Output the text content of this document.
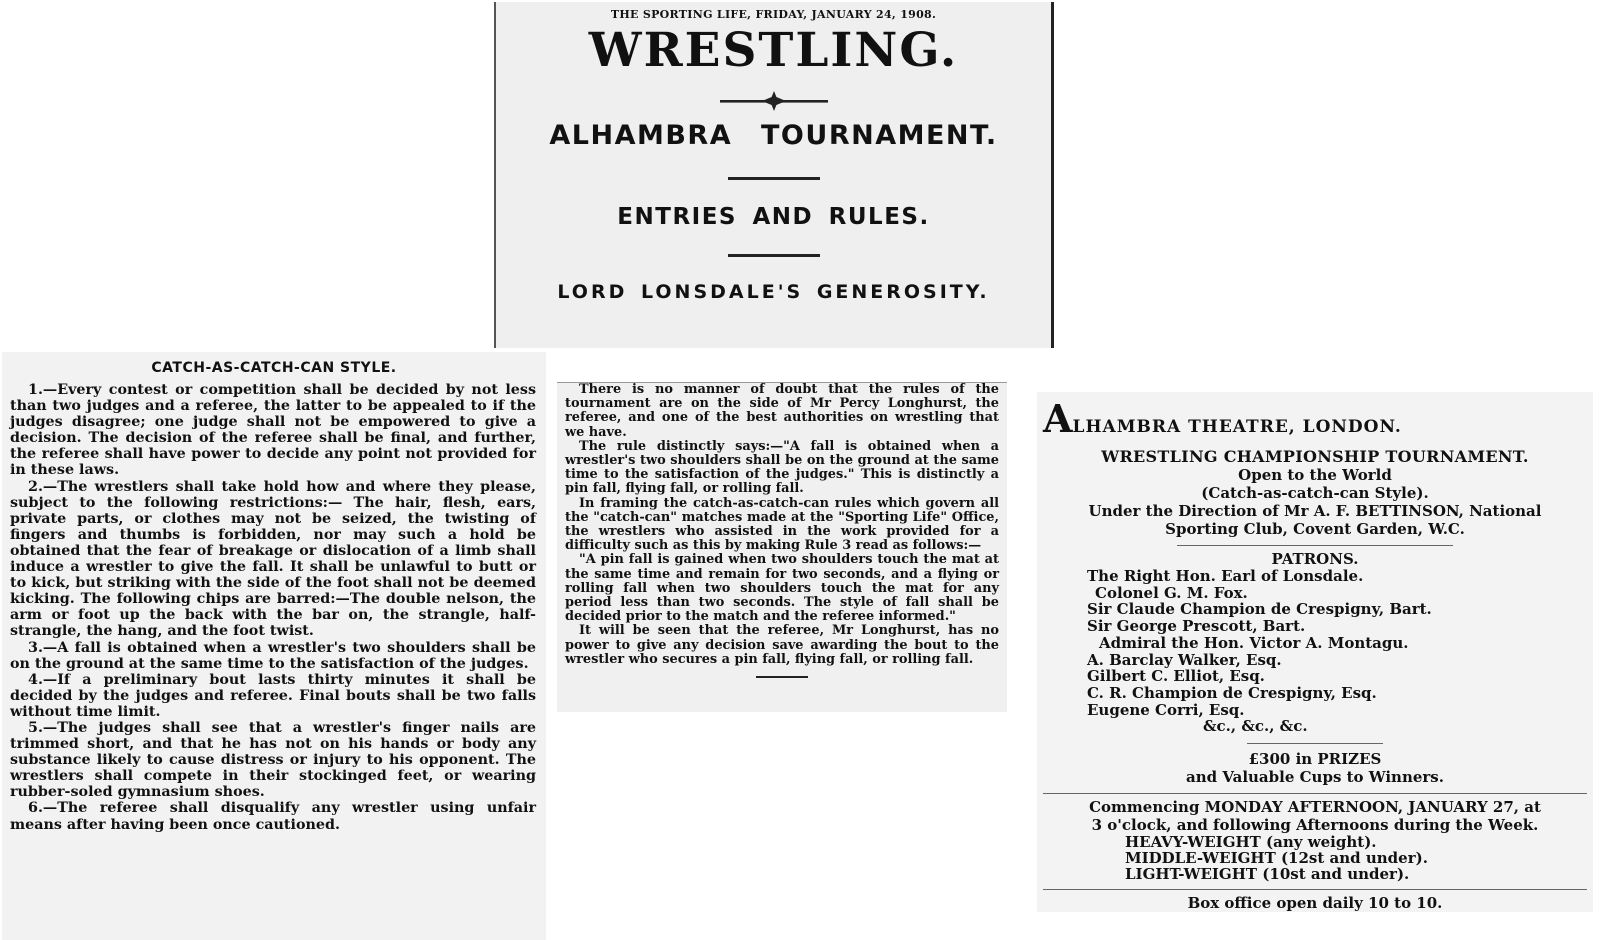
THE SPORTING LIFE, FRIDAY, JANUARY 24, 1908.
WRESTLING.
ALHAMBRA TOURNAMENT.
ENTRIES AND RULES.
LORD LONSDALE'S GENEROSITY.
CATCH-AS-CATCH-CAN STYLE.

1.—Every contest or competition shall be decided by not less than two judges and a referee, the latter to be appealed to if the judges disagree; one judge shall not be empowered to give a decision. The decision of the referee shall be final, and further, the referee shall have power to decide any point not provided for in these laws.

2.—The wrestlers shall take hold how and where they please, subject to the following restrictions:— The hair, flesh, ears, private parts, or clothes may not be seized, the twisting of fingers and thumbs is forbidden, nor may such a hold be obtained that the fear of breakage or dislocation of a limb shall induce a wrestler to give the fall. It shall be unlawful to butt or to kick, but striking with the side of the foot shall not be deemed kicking. The following chips are barred:—The double nelson, the arm or foot up the back with the bar on, the strangle, half-strangle, the hang, and the foot twist.

3.—A fall is obtained when a wrestler's two shoulders shall be on the ground at the same time to the satisfaction of the judges.

4.—If a preliminary bout lasts thirty minutes it shall be decided by the judges and referee. Final bouts shall be two falls without time limit.

5.—The judges shall see that a wrestler's finger nails are trimmed short, and that he has not on his hands or body any substance likely to cause distress or injury to his opponent. The wrestlers shall compete in their stockinged feet, or wearing rubber-soled gymnasium shoes.

6.—The referee shall disqualify any wrestler using unfair means after having been once cautioned.

There is no manner of doubt that the rules of the tournament are on the side of Mr Percy Longhurst, the referee, and one of the best authorities on wrestling that we have.

The rule distinctly says:—"A fall is obtained when a wrestler's two shoulders shall be on the ground at the same time to the satisfaction of the judges." This is distinctly a pin fall, flying fall, or rolling fall.

In framing the catch-as-catch-can rules which govern all the "catch-can" matches made at the "Sporting Life" Office, the wrestlers who assisted in the work provided for a difficulty such as this by making Rule 3 read as follows:—

"A pin fall is gained when two shoulders touch the mat at the same time and remain for two seconds, and a flying or rolling fall when two shoulders touch the mat for any period less than two seconds. The style of fall shall be decided prior to the match and the referee informed."

It will be seen that the referee, Mr Longhurst, has no power to give any decision save awarding the bout to the wrestler who secures a pin fall, flying fall, or rolling fall.

A LHAMBRA THEATRE, LONDON.
WRESTLING CHAMPIONSHIP TOURNAMENT.
Open to the World
(Catch-as-catch-can Style).
Under the Direction of Mr A. F. BETTINSON, National
Sporting Club, Covent Garden, W.C.
PATRONS.
The Right Hon. Earl of Lonsdale.
Colonel G. M. Fox.
Sir Claude Champion de Crespigny, Bart.
Sir George Prescott, Bart.
Admiral the Hon. Victor A. Montagu.
A. Barclay Walker, Esq.
Gilbert C. Elliot, Esq.
C. R. Champion de Crespigny, Esq.
Eugene Corri, Esq.
&c., &c., &c.
£300 in PRIZES
and Valuable Cups to Winners.
Commencing MONDAY AFTERNOON, JANUARY 27, at
3 o'clock, and following Afternoons during the Week.
HEAVY-WEIGHT (any weight).
MIDDLE-WEIGHT (12st and under).
LIGHT-WEIGHT (10st and under).
Box office open daily 10 to 10.
